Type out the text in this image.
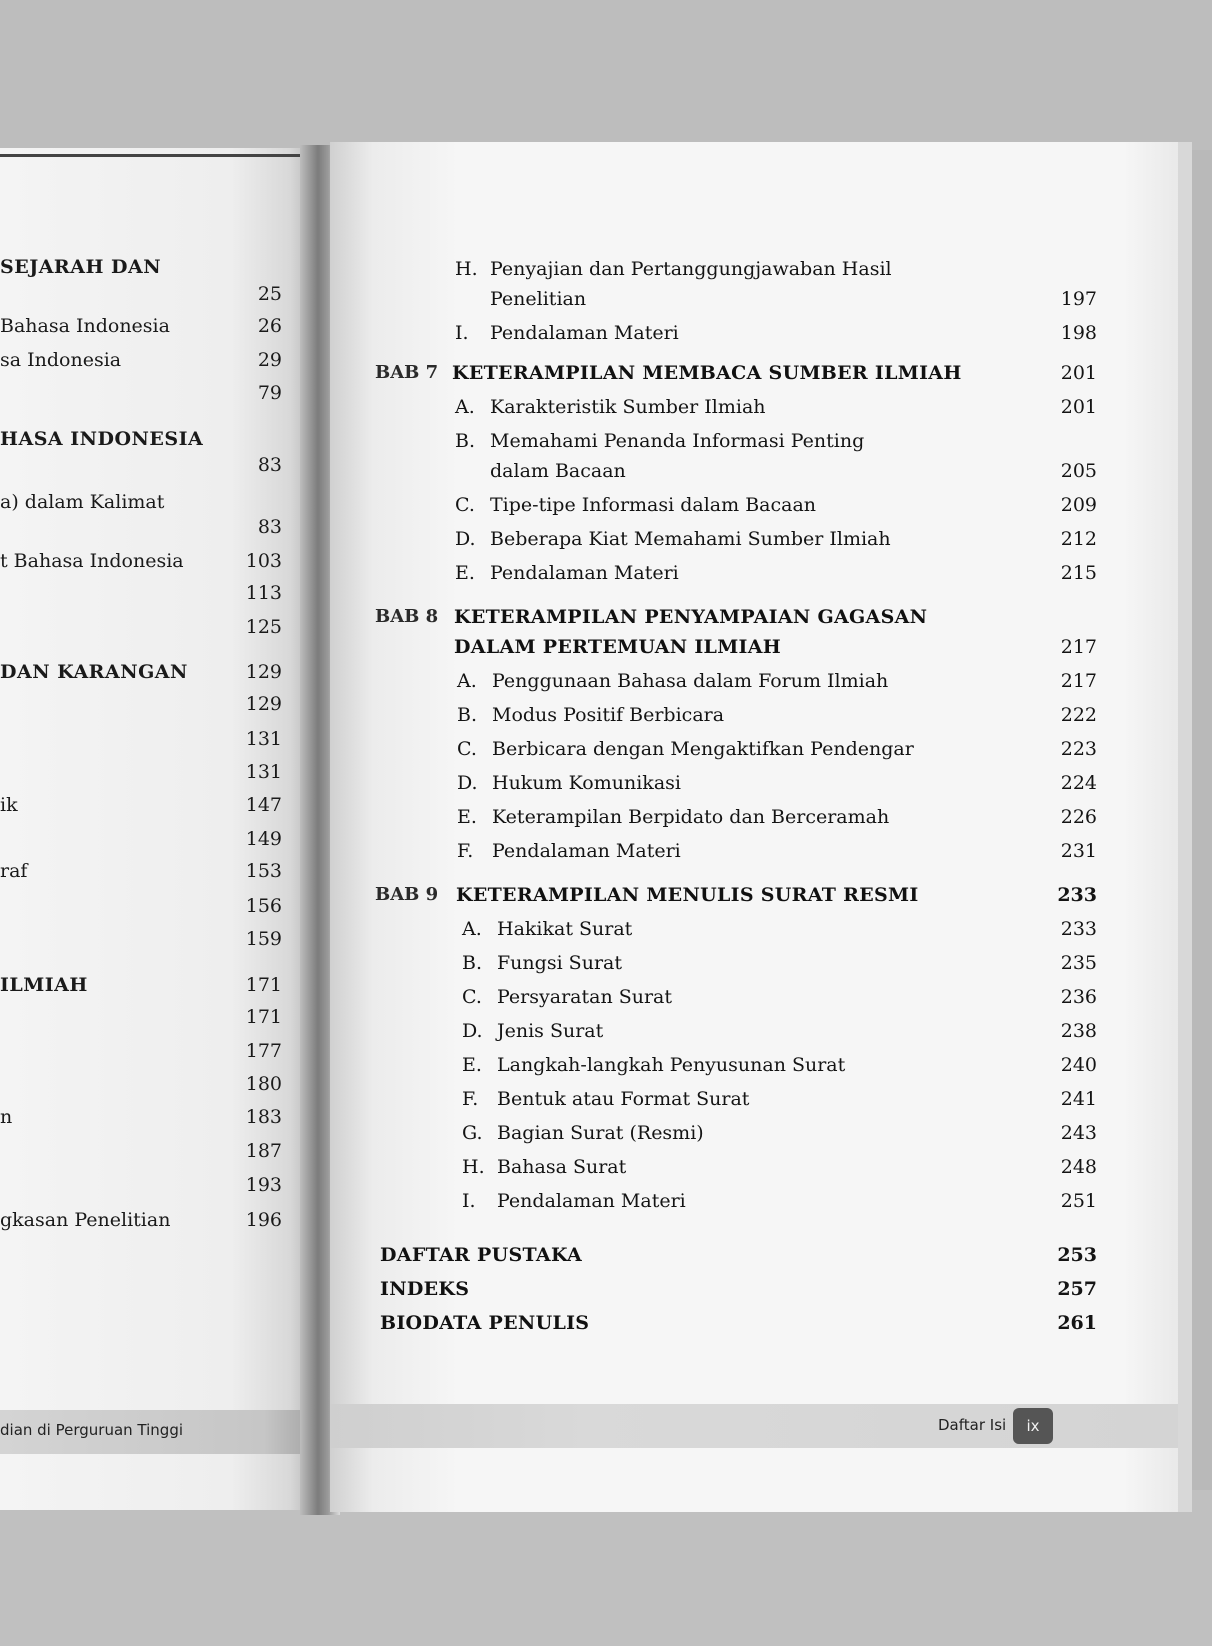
SEJARAH DAN
25
Bahasa Indonesia	26
sa Indonesia	29
79
HASA INDONESIA
83
a) dalam Kalimat
83
t Bahasa Indonesia	103
113
125
DAN KARANGAN	129
129
131
131
ik	147
149
raf	153
156
159
ILMIAH	171
171
177
180
n	183
187
193
gkasan Penelitian	196
dian di Perguruan Tinggi
H. Penyajian dan Pertanggungjawaban Hasil
Penelitian	197
I. Pendalaman Materi	198
BAB 7 KETERAMPILAN MEMBACA SUMBER ILMIAH	201
A. Karakteristik Sumber Ilmiah	201
B. Memahami Penanda Informasi Penting
dalam Bacaan	205
C. Tipe-tipe Informasi dalam Bacaan	209
D. Beberapa Kiat Memahami Sumber Ilmiah	212
E. Pendalaman Materi	215
BAB 8 KETERAMPILAN PENYAMPAIAN GAGASAN
DALAM PERTEMUAN ILMIAH	217
A. Penggunaan Bahasa dalam Forum Ilmiah	217
B. Modus Positif Berbicara	222
C. Berbicara dengan Mengaktifkan Pendengar	223
D. Hukum Komunikasi	224
E. Keterampilan Berpidato dan Berceramah	226
F. Pendalaman Materi	231
BAB 9 KETERAMPILAN MENULIS SURAT RESMI	233
A. Hakikat Surat	233
B. Fungsi Surat	235
C. Persyaratan Surat	236
D. Jenis Surat	238
E. Langkah-langkah Penyusunan Surat	240
F. Bentuk atau Format Surat	241
G. Bagian Surat (Resmi)	243
H. Bahasa Surat	248
I. Pendalaman Materi	251
DAFTAR PUSTAKA	253
INDEKS	257
BIODATA PENULIS	261
Daftar Isi	ix
